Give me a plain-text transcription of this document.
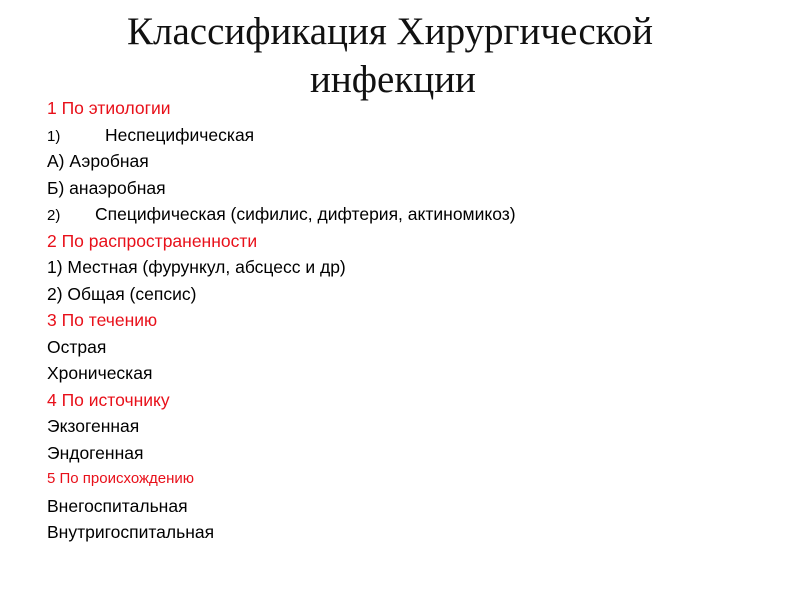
Классификация Хирургической
инфекции
1 По этиологии
1)	Неспецифическая
А) Аэробная
Б) анаэробная
2) Специфическая (сифилис, дифтерия, актиномикоз)
2 По распространенности
1) Местная (фурункул, абсцесс и др)
2) Общая (сепсис)
3 По течению
Острая
Хроническая
4 По источнику
Экзогенная
Эндогенная
5 По происхождению
Внегоспитальная
Внутригоспитальная
